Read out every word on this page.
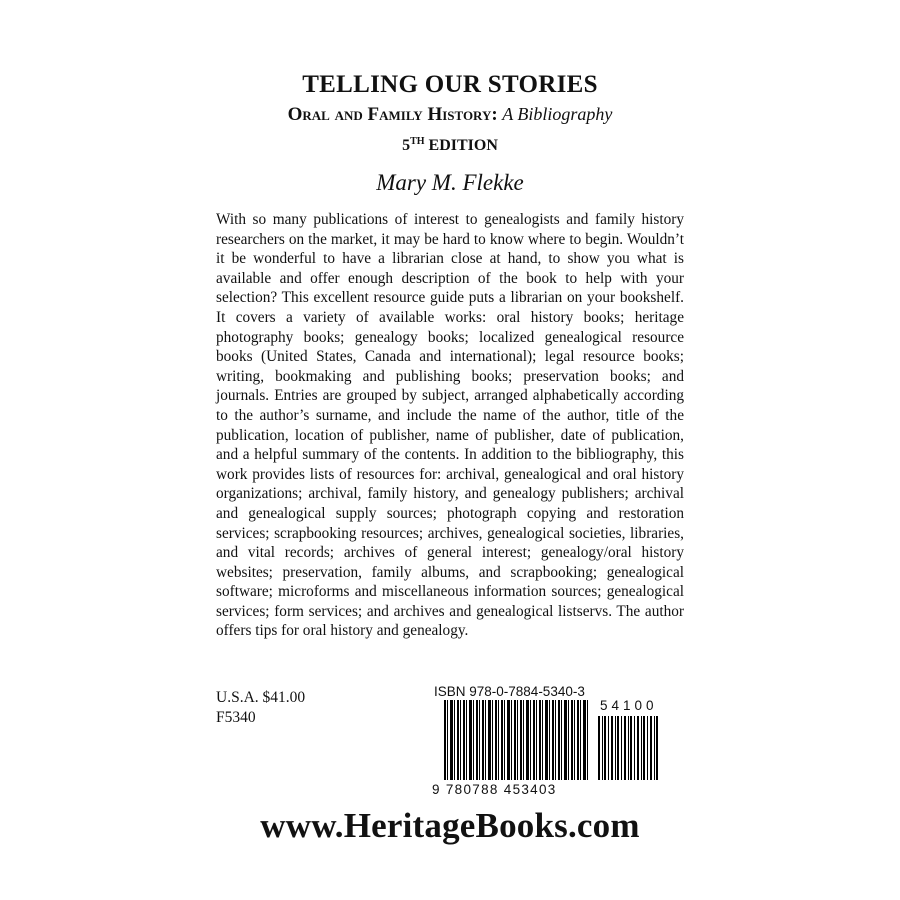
TELLING OUR STORIES
Oral and Family History: A Bibliography
5TH EDITION
Mary M. Flekke

With so many publications of interest to genealogists and family history researchers on the market, it may be hard to know where to begin. Wouldn’t it be wonderful to have a librarian close at hand, to show you what is available and offer enough description of the book to help with your selection? This excellent resource guide puts a librarian on your bookshelf. It covers a variety of available works: oral history books; heritage photography books; genealogy books; localized genealogical resource books (United States, Canada and international); legal resource books; writing, bookmaking and publishing books; preservation books; and journals. Entries are grouped by subject, arranged alphabetically according to the author’s surname, and include the name of the author, title of the publication, location of publisher, name of publisher, date of publication, and a helpful summary of the contents. In addition to the bibliography, this work provides lists of resources for: archival, genealogical and oral history organizations; archival, family history, and genealogy publishers; archival and genealogical supply sources; photograph copying and restoration services; scrapbooking resources; archives, genealogical societies, libraries, and vital records; archives of general interest; genealogy/oral history websites; preservation, family albums, and scrapbooking; genealogical software; microforms and miscellaneous information sources; genealogical services; form services; and archives and genealogical listservs. The author offers tips for oral history and genealogy.

U.S.A. $41.00
F5340
ISBN 978-0-7884-5340-3
54100
9 780788 453403
www.HeritageBooks.com
